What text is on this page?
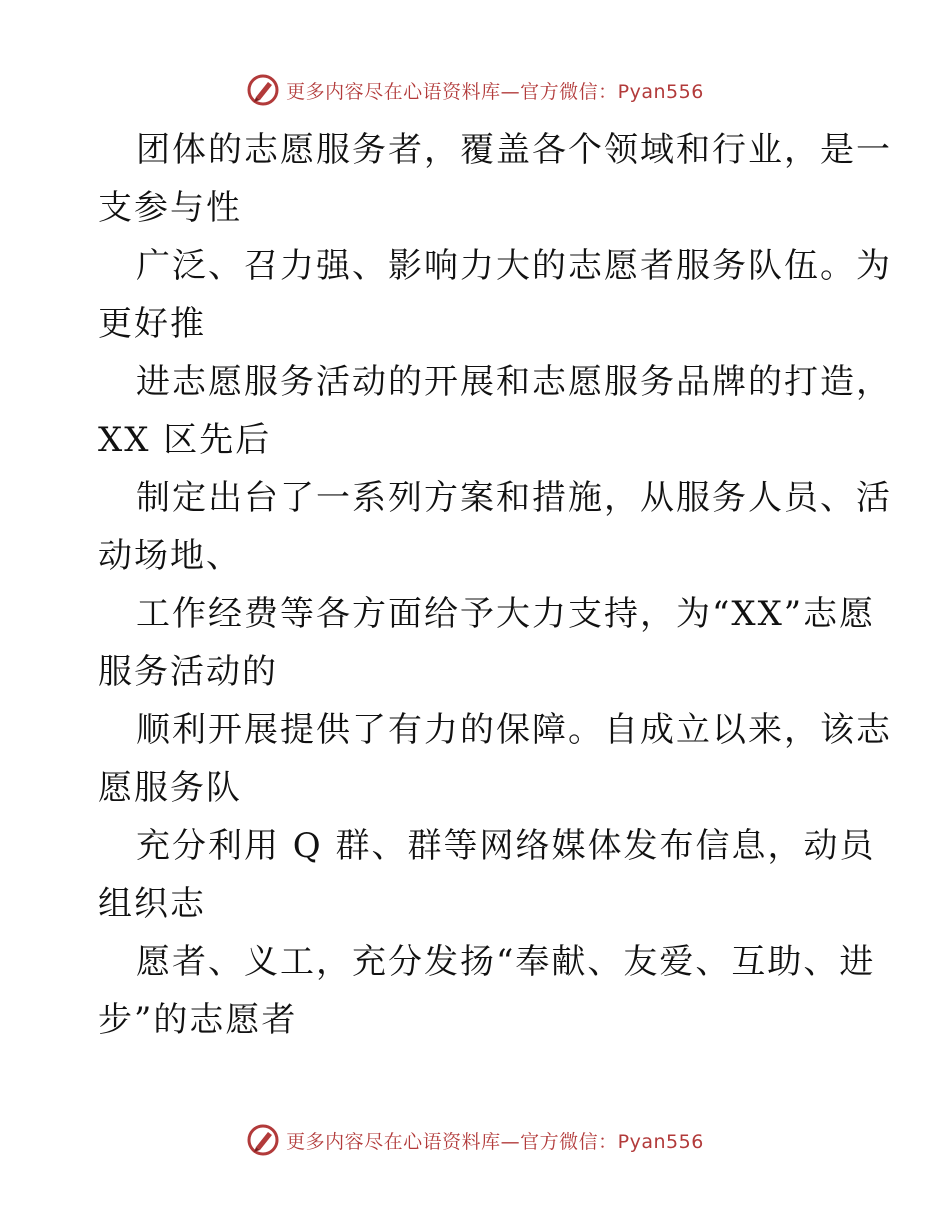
更多内容尽在心语资料库—官方微信：Pyan556
团体的志愿服务者，覆盖各个领域和行业，是一
支参与性
广泛、召力强、影响力大的志愿者服务队伍。为
更好推
进志愿服务活动的开展和志愿服务品牌的打造，
XX 区先后
制定出台了一系列方案和措施，从服务人员、活
动场地、
工作经费等各方面给予大力支持，为“XX”志愿
服务活动的
顺利开展提供了有力的保障。自成立以来，该志
愿服务队
充分利用 Q 群、群等网络媒体发布信息，动员
组织志
愿者、义工，充分发扬“奉献、友爱、互助、进
步”的志愿者
更多内容尽在心语资料库—官方微信：Pyan556
